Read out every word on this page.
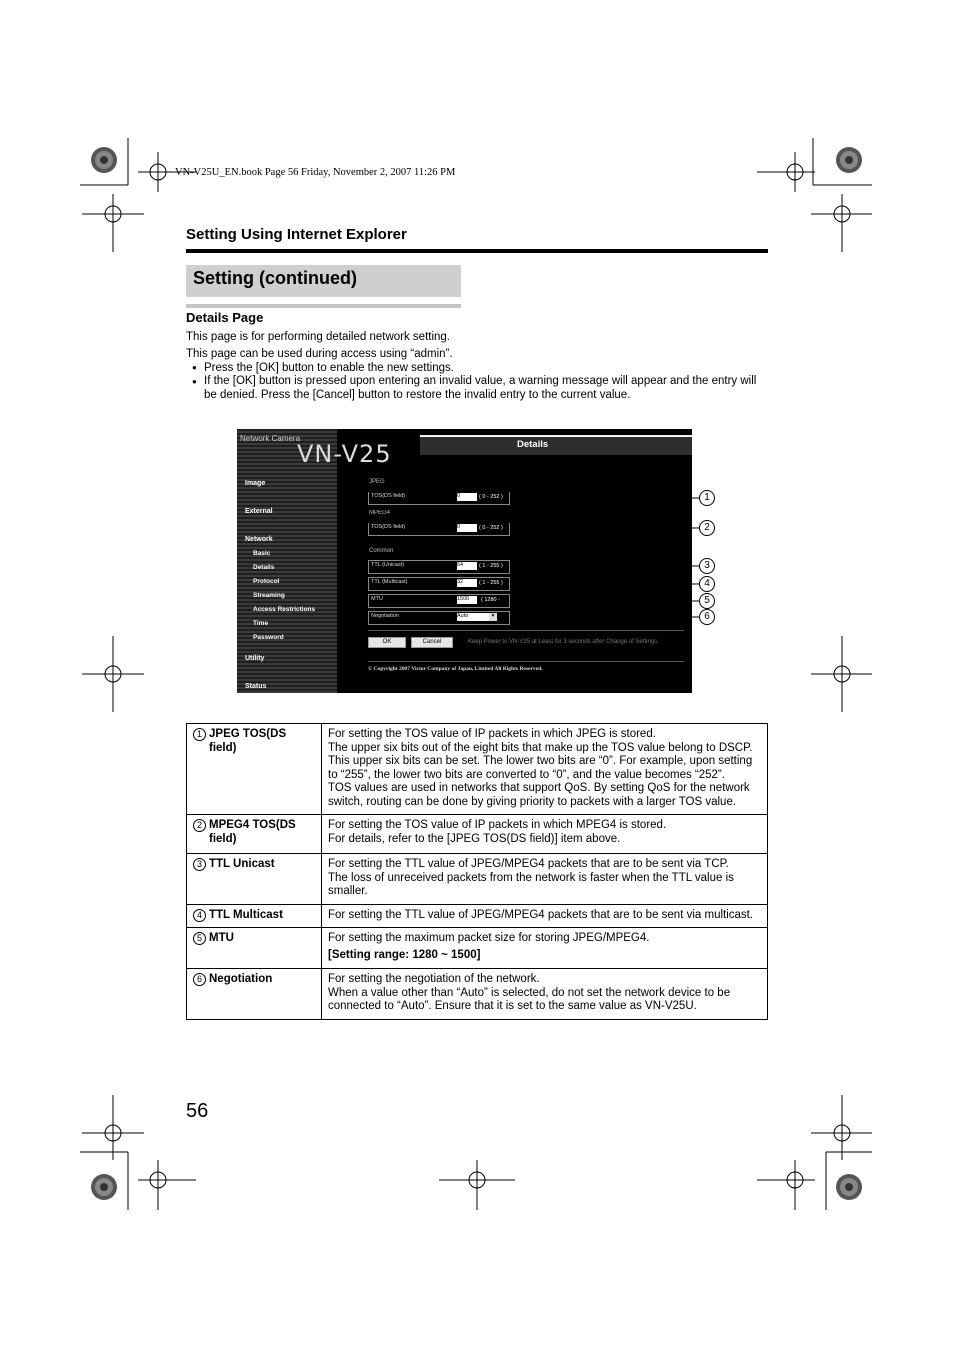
VN-V25U_EN.book Page 56 Friday, November 2, 2007 11:26 PM
Setting Using Internet Explorer
Setting (continued)
Details Page
This page is for performing detailed network setting.
This page can be used during access using “admin”.
● Press the [OK] button to enable the new settings.
● If the [OK] button is pressed upon entering an invalid value, a warning message will appear and the entry will be denied. Press the [Cancel] button to restore the invalid entry to the current value.
Network Camera
VN-V25	Details
Image
External
Network
Basic
Details
Protocol
Streaming
Access Restrictions
Time
Password
Utility
Status
JPEG
TOS(DS field)	0	( 0 - 252 )
MPEG4
TOS(DS field)	0	( 0 - 252 )
Common
TTL (Unicast)	64	( 1 - 255 )
TTL (Multicast)	32	( 1 - 255 )
MTU	1500	( 1280 -
Negotiation	Auto	▾
OK	Cancel	Keep Power to VN-V25 at Least for 3 seconds after Change of Settings.
© Copyright 2007 Victor Company of Japan, Limited All Rights Reserved.
1
2
3
4
5
6
1 JPEG TOS(DS field)	For setting the TOS value of IP packets in which JPEG is stored.
The upper six bits out of the eight bits that make up the TOS value belong to DSCP.
This upper six bits can be set. The lower two bits are “0”. For example, upon setting to “255”, the lower two bits are converted to “0”, and the value becomes “252”.
TOS values are used in networks that support QoS. By setting QoS for the network switch, routing can be done by giving priority to packets with a larger TOS value.

2 MPEG4 TOS(DS field)	For setting the TOS value of IP packets in which MPEG4 is stored.
For details, refer to the [JPEG TOS(DS field)] item above.

3 TTL Unicast	For setting the TTL value of JPEG/MPEG4 packets that are to be sent via TCP.
The loss of unreceived packets from the network is faster when the TTL value is smaller.

4 TTL Multicast	For setting the TTL value of JPEG/MPEG4 packets that are to be sent via multicast.

5 MTU	For setting the maximum packet size for storing JPEG/MPEG4.
[Setting range: 1280 ~ 1500]

6 Negotiation	For setting the negotiation of the network.
When a value other than “Auto” is selected, do not set the network device to be connected to “Auto”. Ensure that it is set to the same value as VN-V25U.
56
